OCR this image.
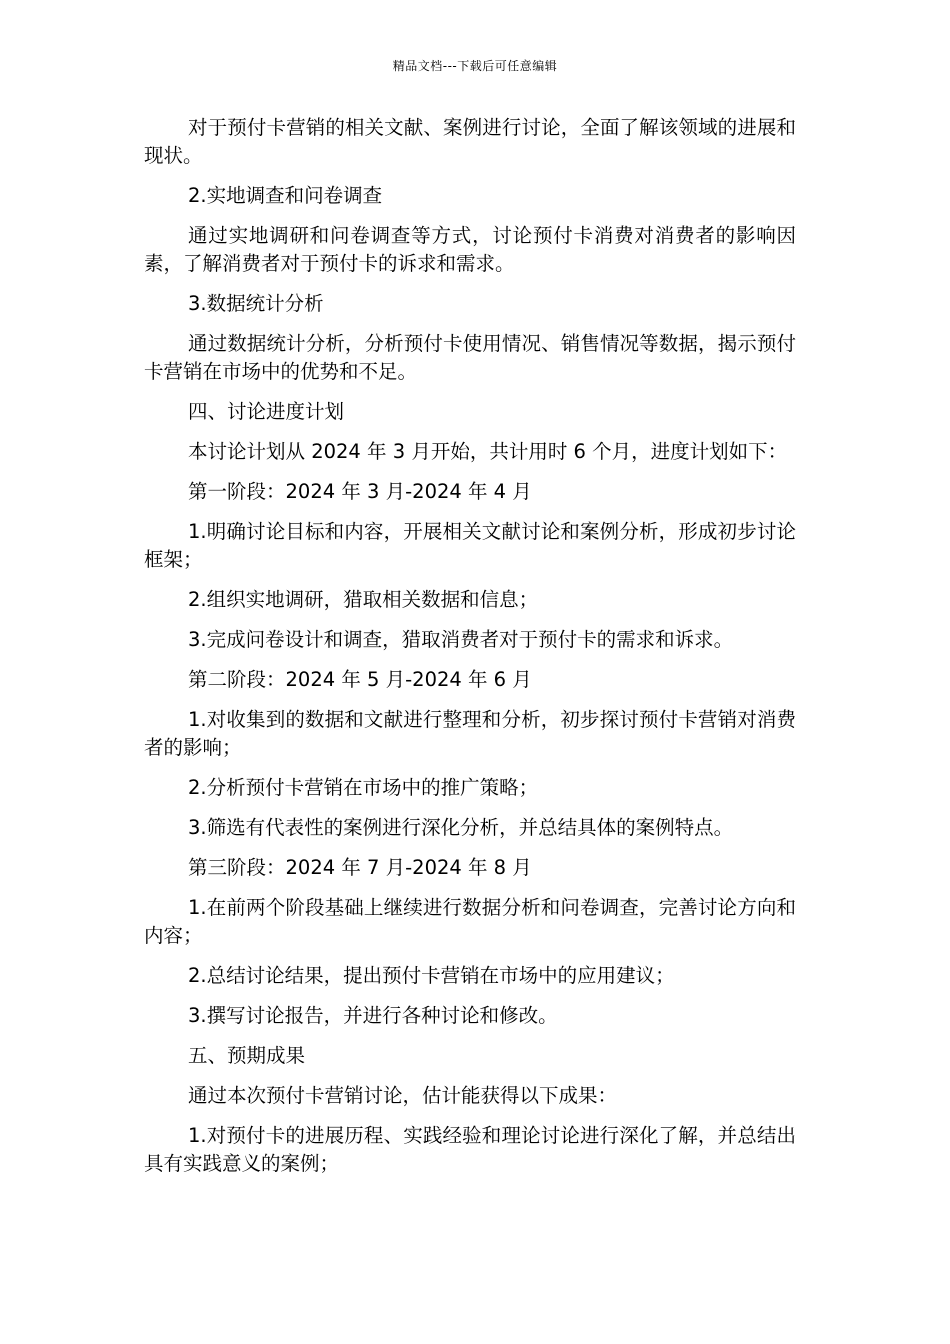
精品文档---下载后可任意编辑

对于预付卡营销的相关文献、案例进行讨论，全面了解该领域的进展和现状。

2.实地调查和问卷调查

通过实地调研和问卷调查等方式，讨论预付卡消费对消费者的影响因素，了解消费者对于预付卡的诉求和需求。

3.数据统计分析

通过数据统计分析，分析预付卡使用情况、销售情况等数据，揭示预付卡营销在市场中的优势和不足。

四、讨论进度计划

本讨论计划从 2024 年 3 月开始，共计用时 6 个月，进度计划如下：

第一阶段：2024 年 3 月-2024 年 4 月

1.明确讨论目标和内容，开展相关文献讨论和案例分析，形成初步讨论框架；

2.组织实地调研，猎取相关数据和信息；

3.完成问卷设计和调查，猎取消费者对于预付卡的需求和诉求。

第二阶段：2024 年 5 月-2024 年 6 月

1.对收集到的数据和文献进行整理和分析，初步探讨预付卡营销对消费者的影响；

2.分析预付卡营销在市场中的推广策略；

3.筛选有代表性的案例进行深化分析，并总结具体的案例特点。

第三阶段：2024 年 7 月-2024 年 8 月

1.在前两个阶段基础上继续进行数据分析和问卷调查，完善讨论方向和内容；

2.总结讨论结果，提出预付卡营销在市场中的应用建议；

3.撰写讨论报告，并进行各种讨论和修改。

五、预期成果

通过本次预付卡营销讨论，估计能获得以下成果：

1.对预付卡的进展历程、实践经验和理论讨论进行深化了解，并总结出具有实践意义的案例；
